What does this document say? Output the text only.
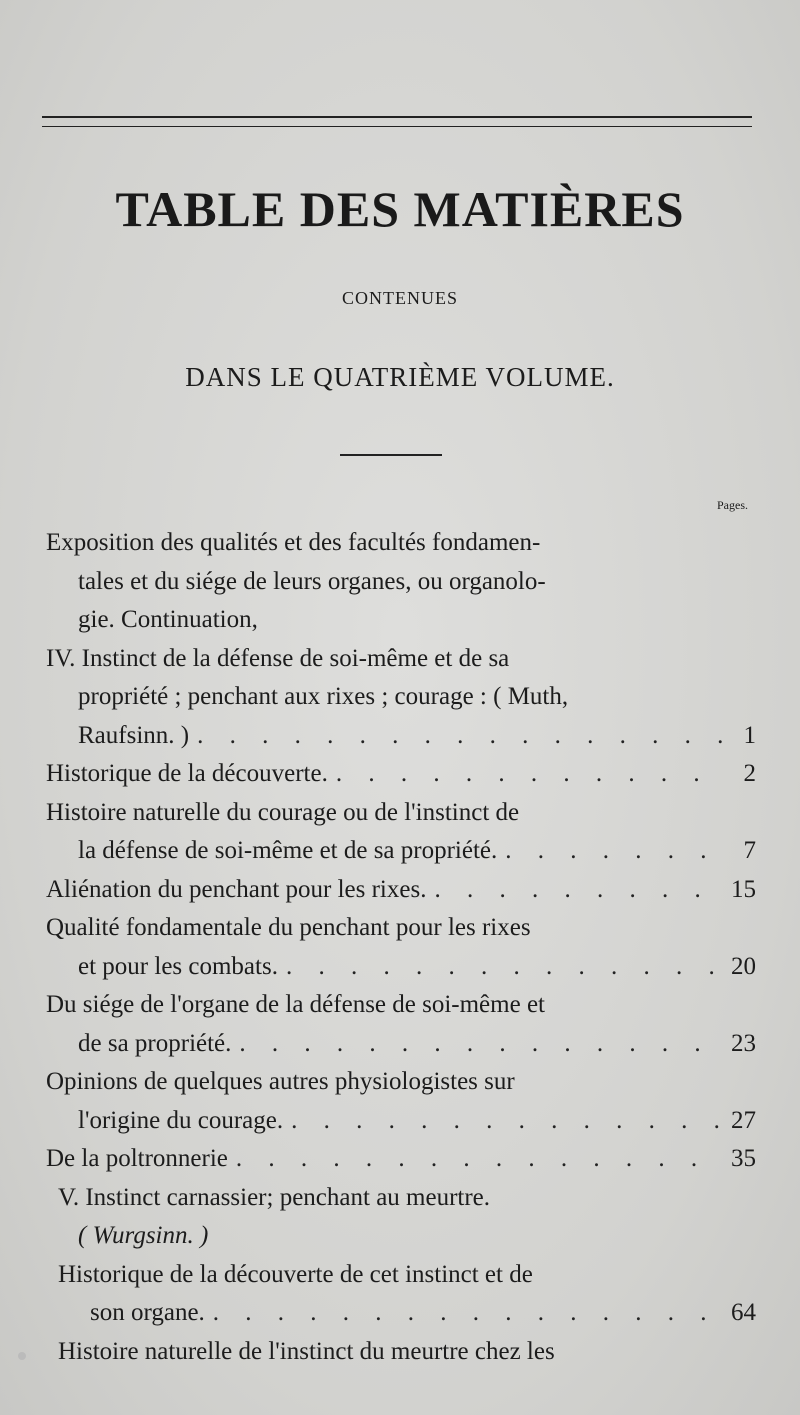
TABLE DES MATIÈRES
CONTENUES
DANS LE QUATRIÈME VOLUME.
Pages.
Exposition des qualités et des facultés fondamen-
tales et du siége de leurs organes, ou organolo-
gie. Continuation,
IV. Instinct de la défense de soi-même et de sa
propriété ; penchant aux rixes ; courage : ( Muth,
Raufsinn. ) . . .	1
Historique de la découverte. . . .	2
Histoire naturelle du courage ou de l'instinct de
la défense de soi-même et de sa propriété. . . .	7
Aliénation du penchant pour les rixes. . . .	15
Qualité fondamentale du penchant pour les rixes
et pour les combats. . . .	20
Du siége de l'organe de la défense de soi-même et
de sa propriété. . . .	23
Opinions de quelques autres physiologistes sur
l'origine du courage. . . .	27
De la poltronnerie . . .	35
V. Instinct carnassier; penchant au meurtre.
( Wurgsinn. )
Historique de la découverte de cet instinct et de
son organe. . . .	64
Histoire naturelle de l'instinct du meurtre chez les
